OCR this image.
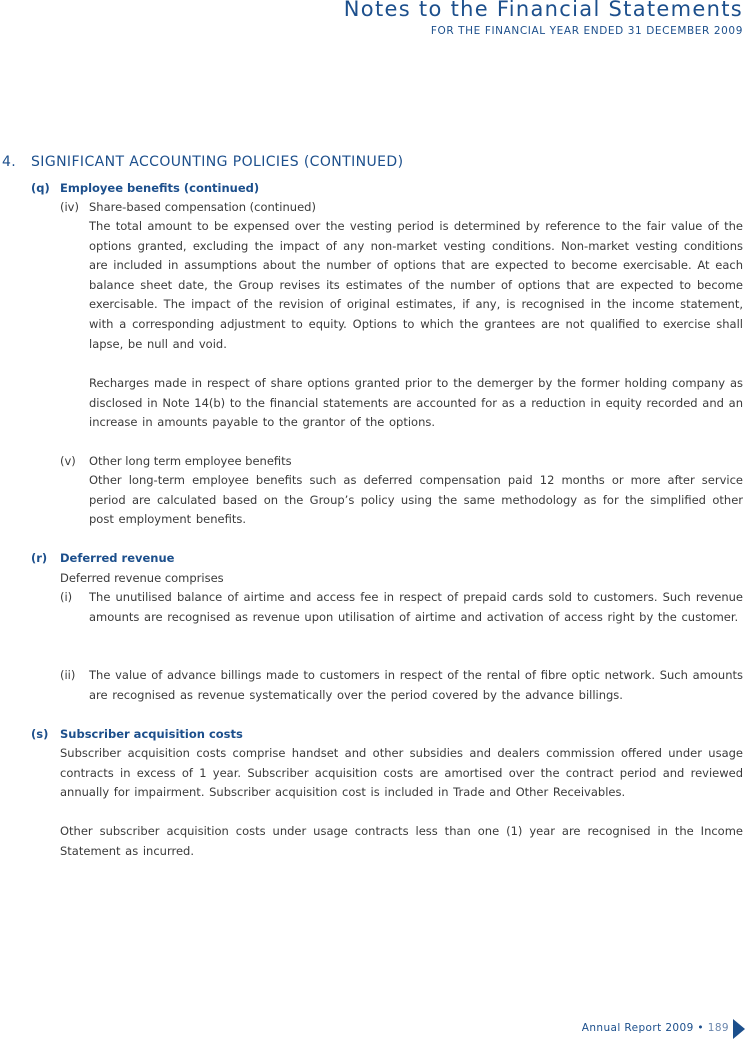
Notes to the Financial Statements
FOR THE FINANCIAL YEAR ENDED 31 DECEMBER 2009
4. SIGNIFICANT ACCOUNTING POLICIES (CONTINUED)
(q) Employee benefits (continued)
(iv) Share-based compensation (continued)

The total amount to be expensed over the vesting period is determined by reference to the fair value of the options granted, excluding the impact of any non-market vesting conditions. Non-market vesting conditions are included in assumptions about the number of options that are expected to become exercisable. At each balance sheet date, the Group revises its estimates of the number of options that are expected to become exercisable. The impact of the revision of original estimates, if any, is recognised in the income statement, with a corresponding adjustment to equity. Options to which the grantees are not qualified to exercise shall lapse, be null and void.

Recharges made in respect of share options granted prior to the demerger by the former holding company as disclosed in Note 14(b) to the financial statements are accounted for as a reduction in equity recorded and an increase in amounts payable to the grantor of the options.

(v) Other long term employee benefits

Other long-term employee benefits such as deferred compensation paid 12 months or more after service period are calculated based on the Group’s policy using the same methodology as for the simplified other post employment benefits.

(r) Deferred revenue
Deferred revenue comprises
(i) The unutilised balance of airtime and access fee in respect of prepaid cards sold to customers. Such revenue amounts are recognised as revenue upon utilisation of airtime and activation of access right by the customer.

(ii) The value of advance billings made to customers in respect of the rental of fibre optic network. Such amounts are recognised as revenue systematically over the period covered by the advance billings.

(s) Subscriber acquisition costs

Subscriber acquisition costs comprise handset and other subsidies and dealers commission offered under usage contracts in excess of 1 year. Subscriber acquisition costs are amortised over the contract period and reviewed annually for impairment. Subscriber acquisition cost is included in Trade and Other Receivables.

Other subscriber acquisition costs under usage contracts less than one (1) year are recognised in the Income Statement as incurred.

Annual Report 2009 • 189
